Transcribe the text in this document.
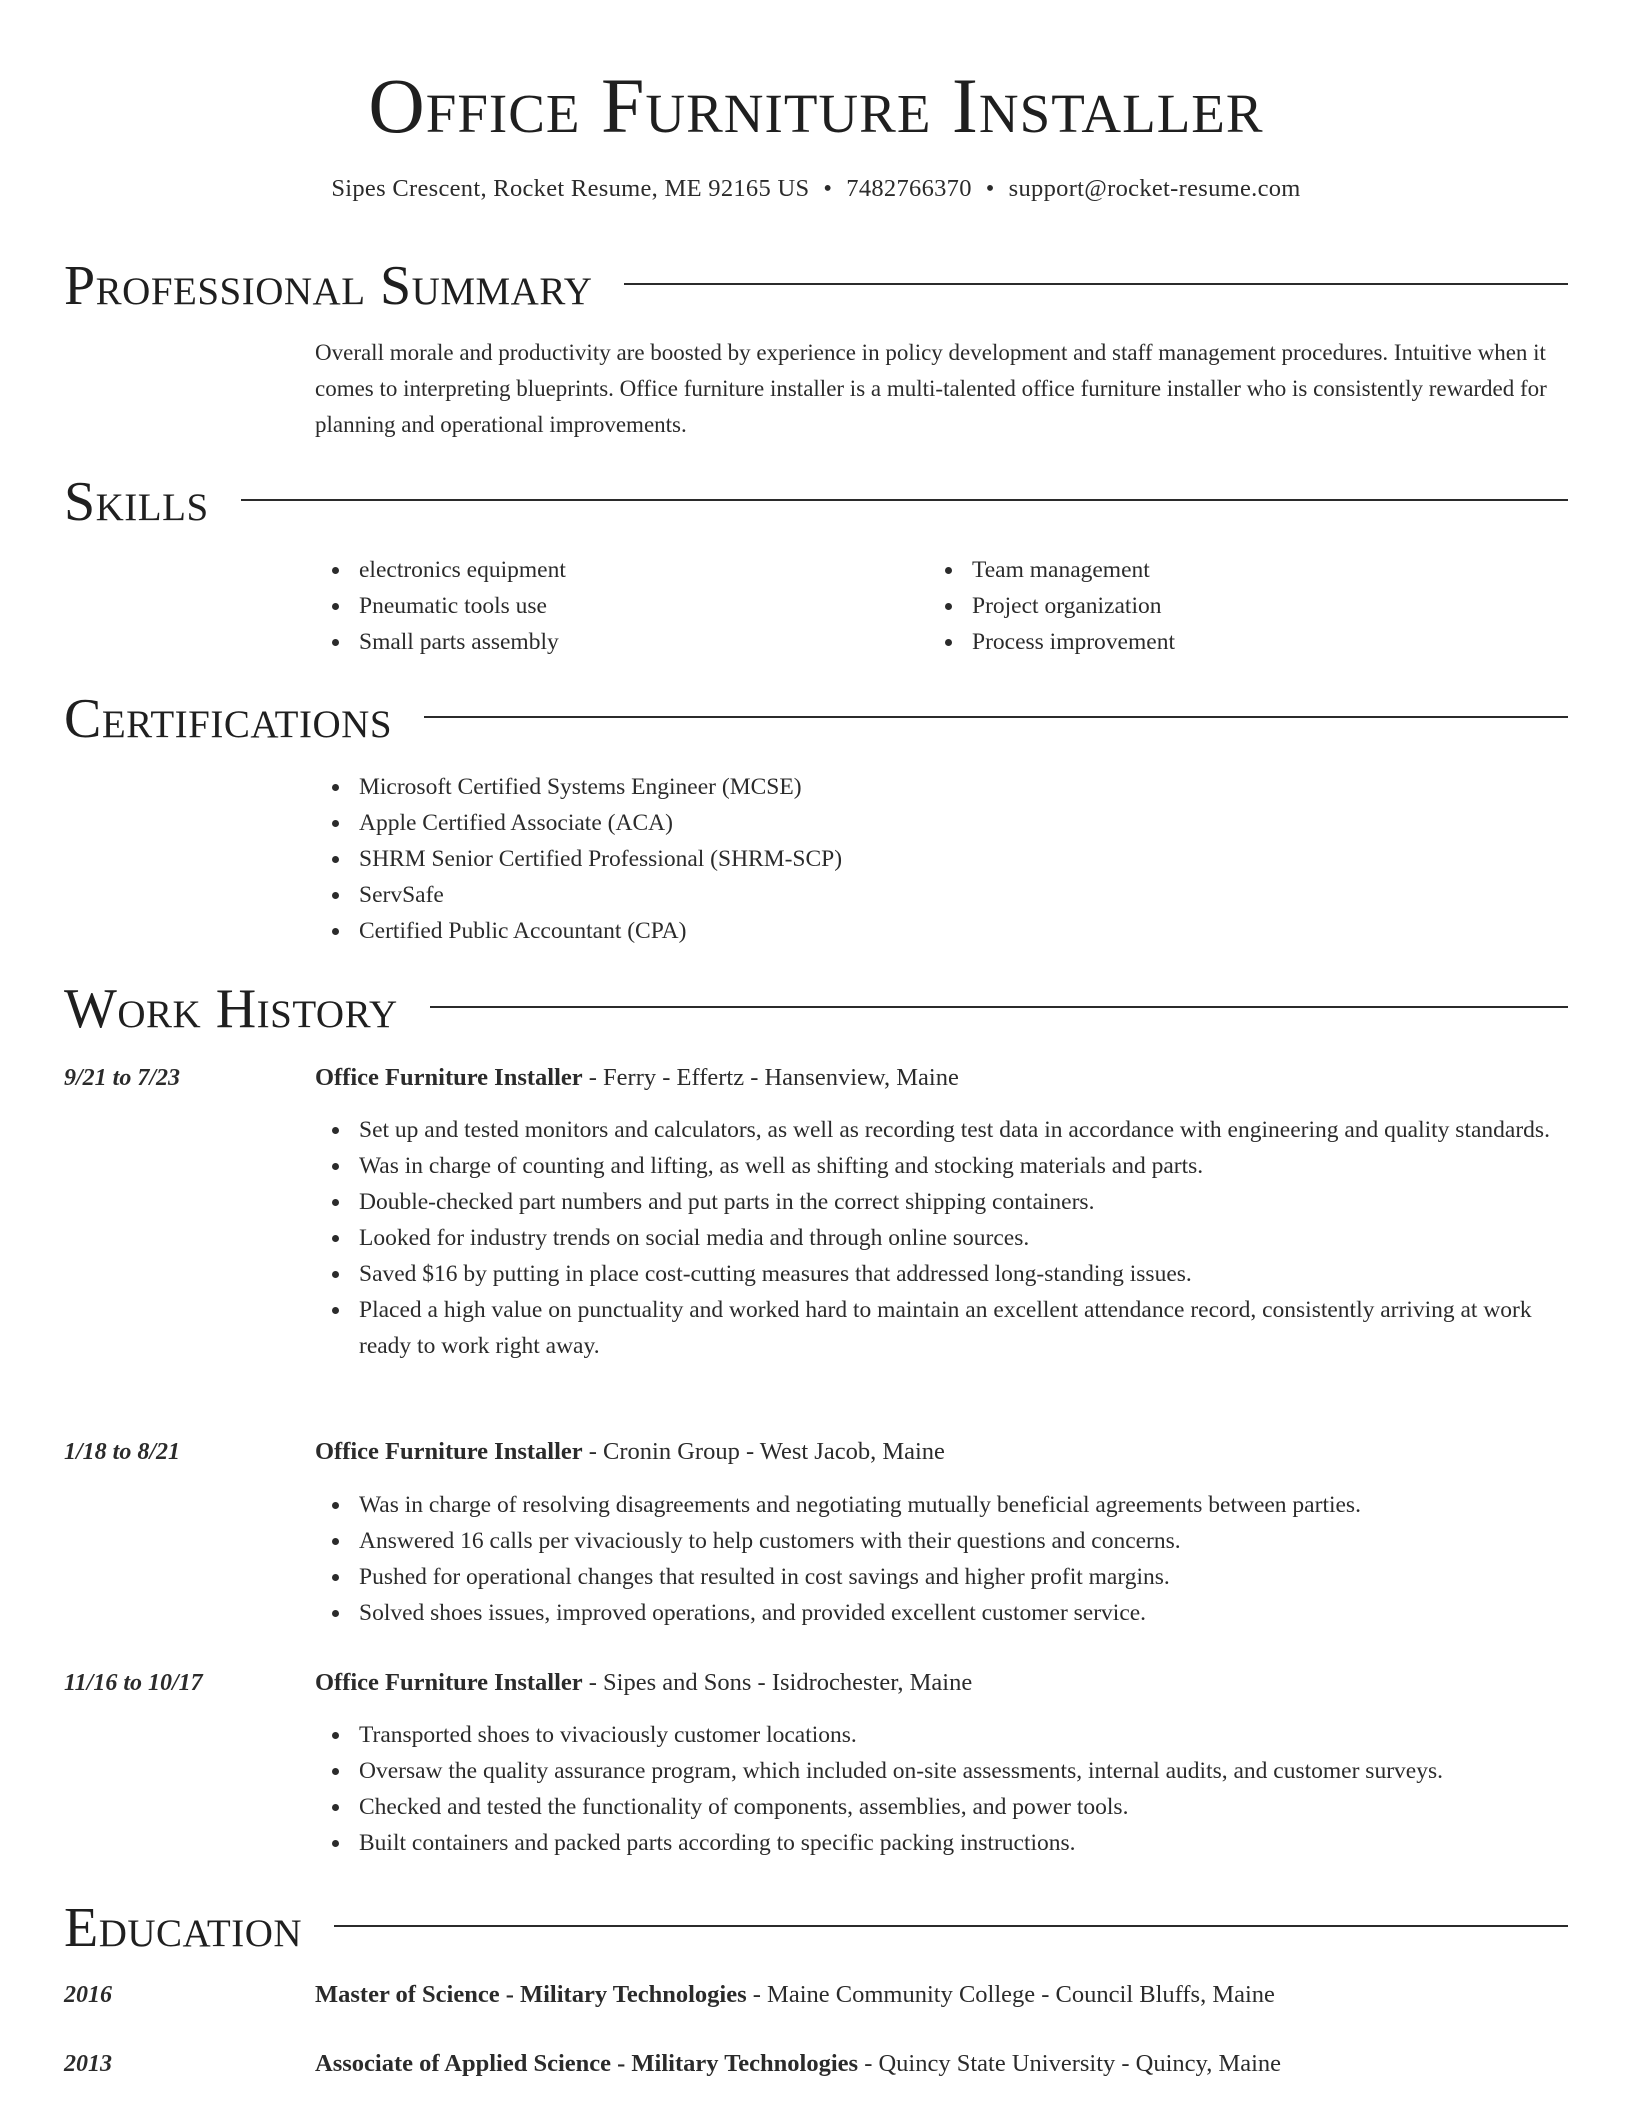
Office Furniture Installer
Sipes Crescent, Rocket Resume, ME 92165 US • 7482766370 • support@rocket-resume.com
Professional Summary
Overall morale and productivity are boosted by experience in policy development and staff management procedures. Intuitive when it comes to interpreting blueprints. Office furniture installer is a multi-talented office furniture installer who is consistently rewarded for planning and operational improvements.
Skills
electronics equipment
Pneumatic tools use
Small parts assembly
Team management
Project organization
Process improvement
Certifications
Microsoft Certified Systems Engineer (MCSE)
Apple Certified Associate (ACA)
SHRM Senior Certified Professional (SHRM-SCP)
ServSafe
Certified Public Accountant (CPA)
Work History
9/21 to 7/23	Office Furniture Installer - Ferry - Effertz - Hansenview, Maine
Set up and tested monitors and calculators, as well as recording test data in accordance with engineering and quality standards.
Was in charge of counting and lifting, as well as shifting and stocking materials and parts.
Double-checked part numbers and put parts in the correct shipping containers.
Looked for industry trends on social media and through online sources.
Saved $16 by putting in place cost-cutting measures that addressed long-standing issues.
Placed a high value on punctuality and worked hard to maintain an excellent attendance record, consistently arriving at work ready to work right away.
1/18 to 8/21	Office Furniture Installer - Cronin Group - West Jacob, Maine
Was in charge of resolving disagreements and negotiating mutually beneficial agreements between parties.
Answered 16 calls per vivaciously to help customers with their questions and concerns.
Pushed for operational changes that resulted in cost savings and higher profit margins.
Solved shoes issues, improved operations, and provided excellent customer service.
11/16 to 10/17	Office Furniture Installer - Sipes and Sons - Isidrochester, Maine
Transported shoes to vivaciously customer locations.
Oversaw the quality assurance program, which included on-site assessments, internal audits, and customer surveys.
Checked and tested the functionality of components, assemblies, and power tools.
Built containers and packed parts according to specific packing instructions.
Education
2016	Master of Science - Military Technologies - Maine Community College - Council Bluffs, Maine
2013	Associate of Applied Science - Military Technologies - Quincy State University - Quincy, Maine
